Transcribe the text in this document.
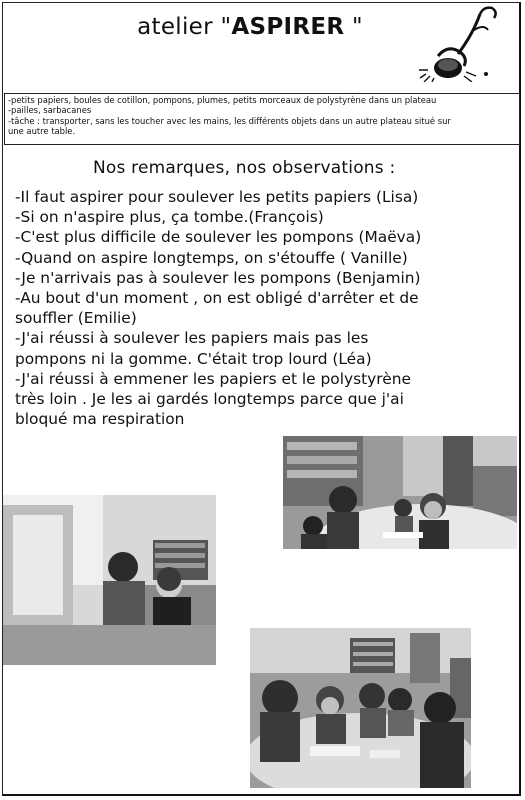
atelier "ASPIRER "
-petits papiers, boules de cotillon, pompons, plumes, petits morceaux de polystyrène dans un plateau
-pailles, sarbacanes
-tâche : transporter, sans les toucher avec les mains, les différents objets dans un autre plateau situé sur
une autre table.
Nos remarques, nos observations :
-Il faut aspirer pour soulever les petits papiers (Lisa)
-Si on n'aspire plus, ça tombe.(François)
-C'est plus difficile de soulever les pompons (Maëva)
-Quand on aspire longtemps, on s'étouffe ( Vanille)
-Je n'arrivais pas à soulever les pompons (Benjamin)
-Au bout d'un moment , on est obligé d'arrêter et de
souffler (Emilie)
-J'ai réussi à soulever les papiers mais pas les
pompons ni la gomme. C'était trop lourd (Léa)
-J'ai réussi à emmener les papiers et le polystyrène
très loin . Je les ai gardés longtemps parce que j'ai
bloqué ma respiration
